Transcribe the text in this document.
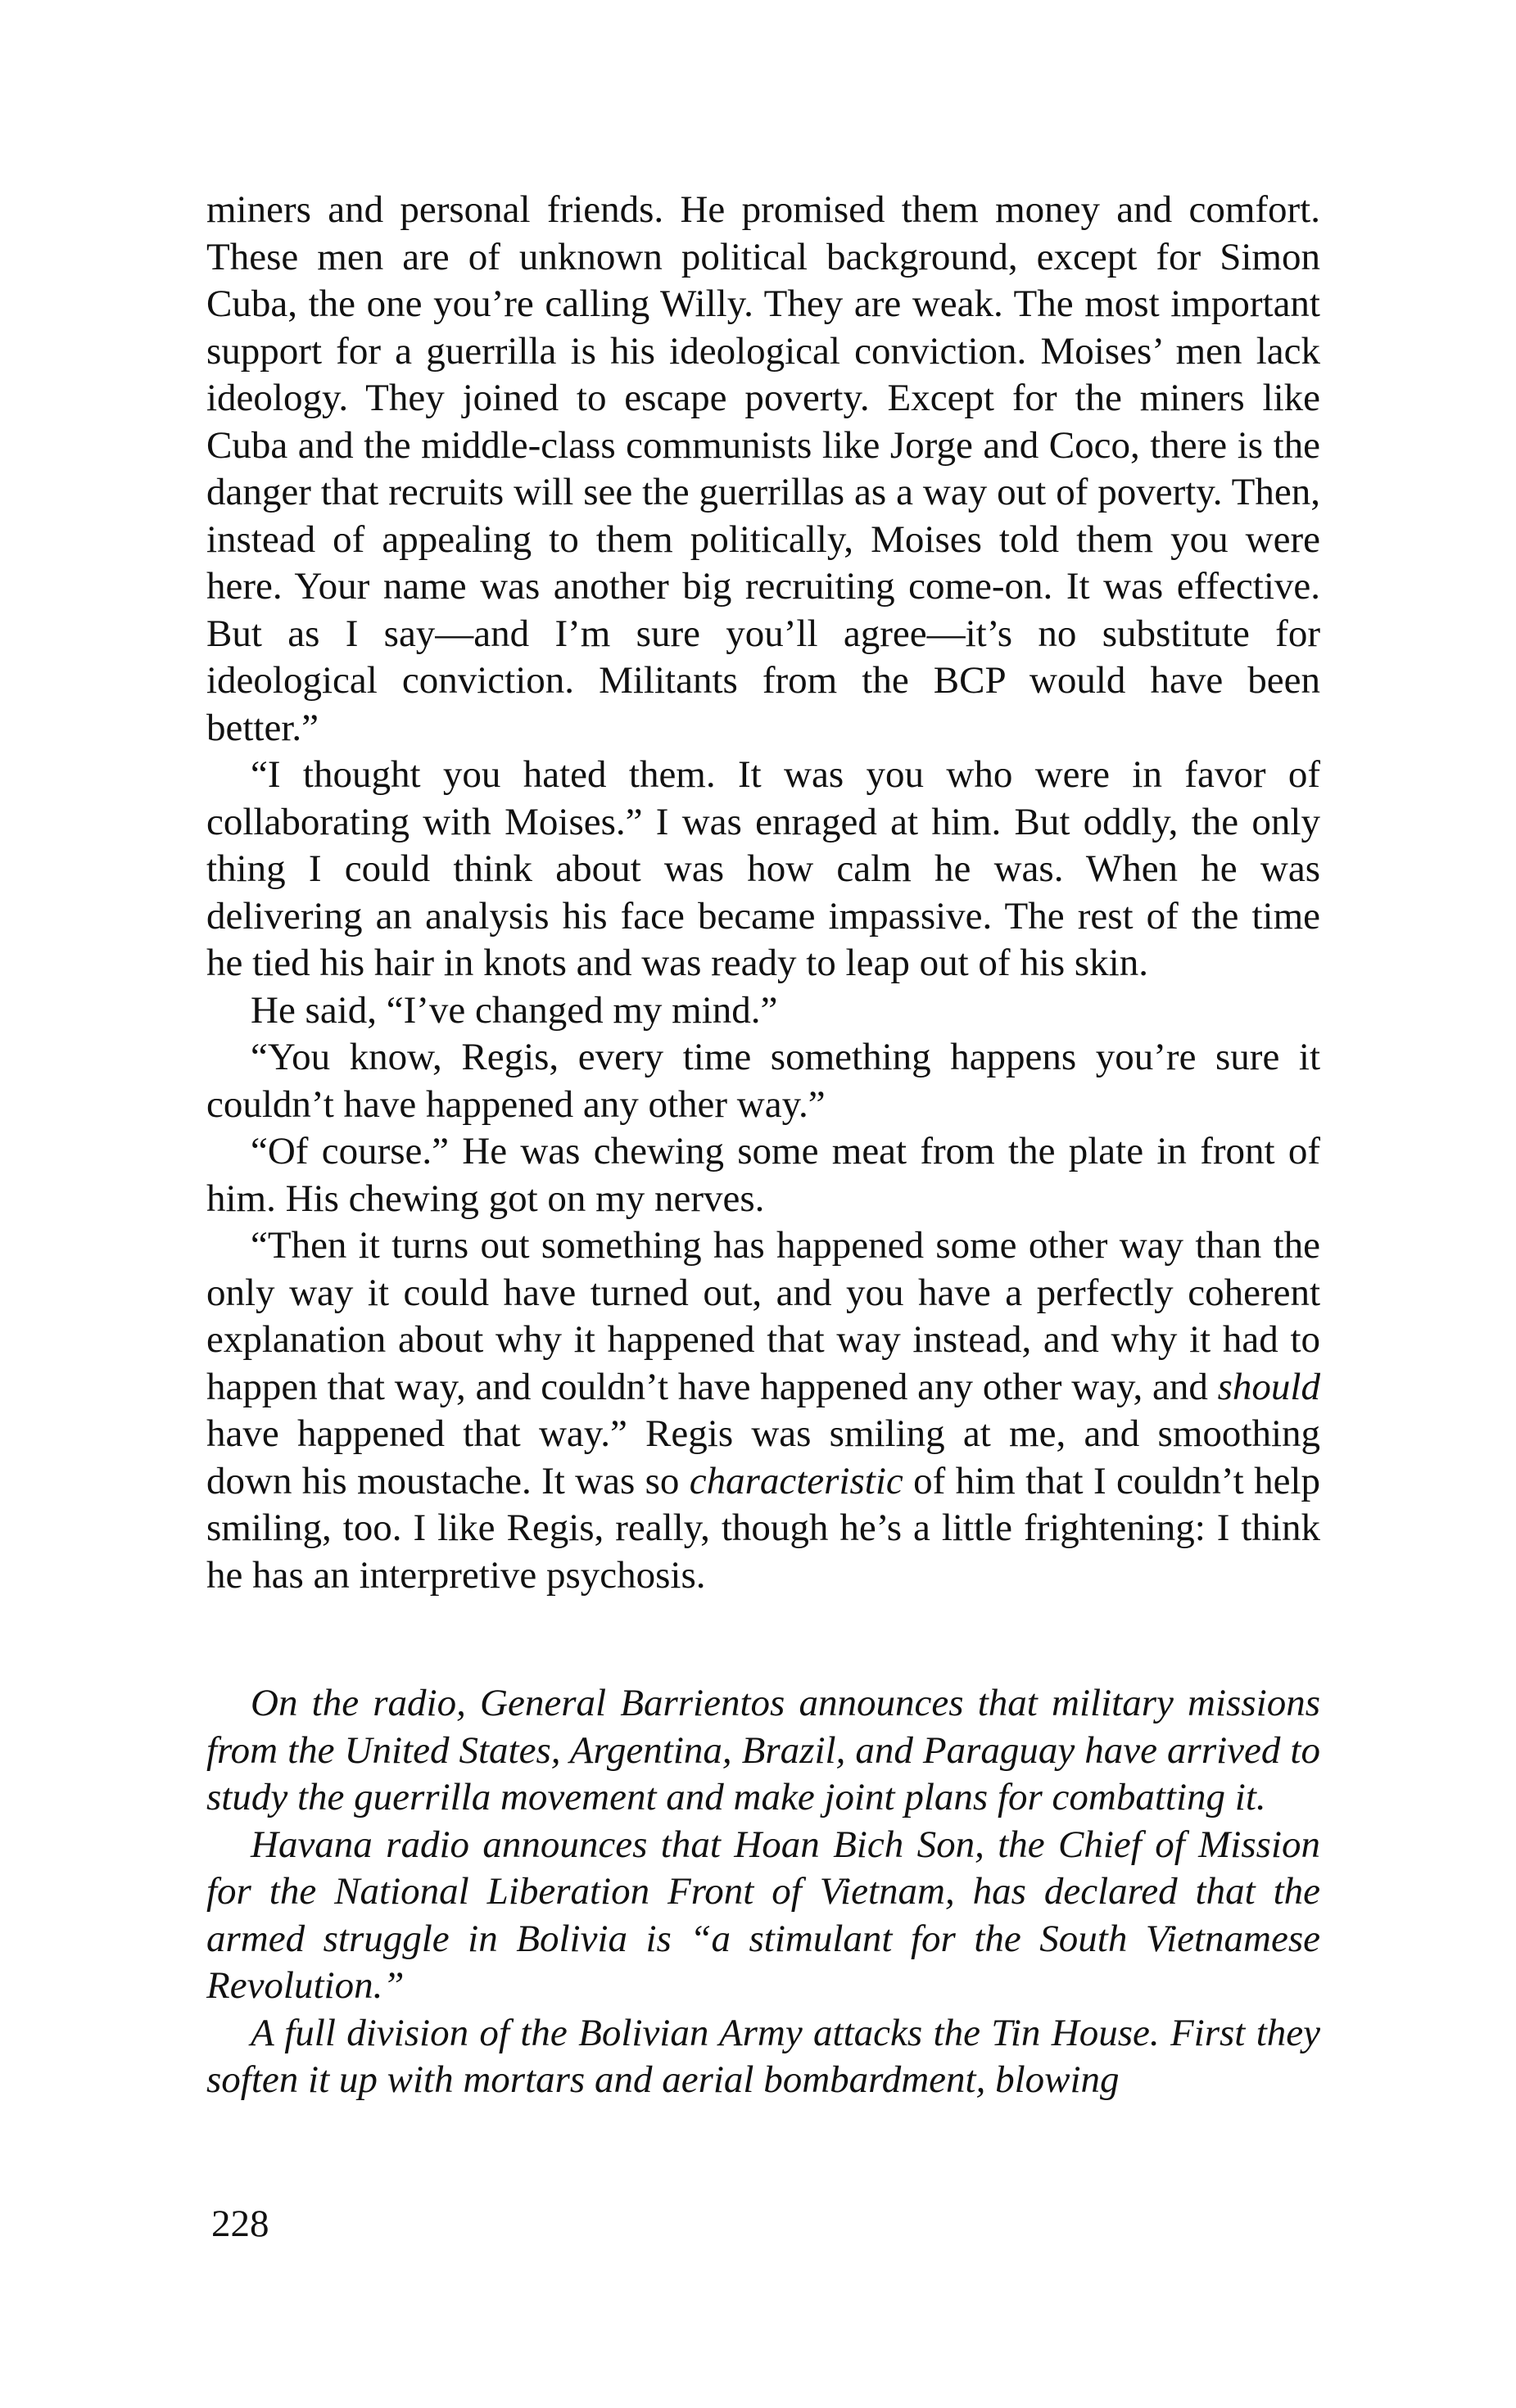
miners and personal friends. He promised them money and comfort. These men are of unknown political background, except for Simon Cuba, the one you’re calling Willy. They are weak. The most important support for a guerrilla is his ideological conviction. Moises’ men lack ideology. They joined to escape poverty. Except for the miners like Cuba and the middle-class communists like Jorge and Coco, there is the danger that recruits will see the guerrillas as a way out of poverty. Then, instead of appealing to them politically, Moises told them you were here. Your name was another big recruiting come-on. It was effective. But as I say—and I’m sure you’ll agree—it’s no substitute for ideological conviction. Militants from the BCP would have been better.”

“I thought you hated them. It was you who were in favor of collaborating with Moises.” I was enraged at him. But oddly, the only thing I could think about was how calm he was. When he was delivering an analysis his face became impassive. The rest of the time he tied his hair in knots and was ready to leap out of his skin.

He said, “I’ve changed my mind.”

“You know, Regis, every time something happens you’re sure it couldn’t have happened any other way.”

“Of course.” He was chewing some meat from the plate in front of him. His chewing got on my nerves.

“Then it turns out something has happened some other way than the only way it could have turned out, and you have a perfectly coherent explanation about why it happened that way instead, and why it had to happen that way, and couldn’t have happened any other way, and should have happened that way.” Regis was smiling at me, and smoothing down his moustache. It was so characteristic of him that I couldn’t help smiling, too. I like Regis, really, though he’s a little frightening: I think he has an interpretive psychosis.

On the radio, General Barrientos announces that military missions from the United States, Argentina, Brazil, and Paraguay have arrived to study the guerrilla movement and make joint plans for combatting it.

Havana radio announces that Hoan Bich Son, the Chief of Mission for the National Liberation Front of Vietnam, has declared that the armed struggle in Bolivia is “a stimulant for the South Vietnamese Revolution.”

A full division of the Bolivian Army attacks the Tin House. First they soften it up with mortars and aerial bombardment, blowing

228
